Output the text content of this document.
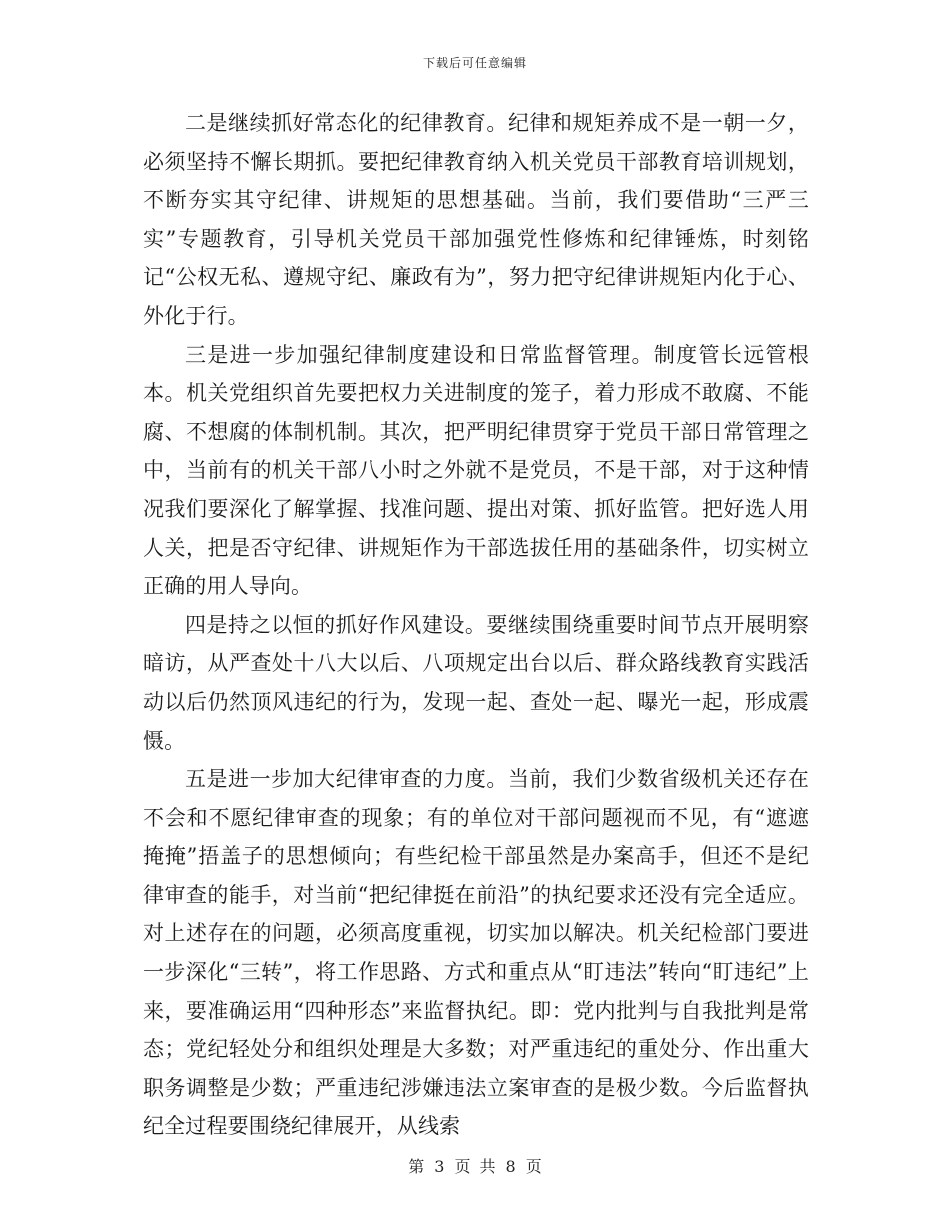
下载后可任意编辑

二是继续抓好常态化的纪律教育。纪律和规矩养成不是一朝一夕，必须坚持不懈长期抓。要把纪律教育纳入机关党员干部教育培训规划，不断夯实其守纪律、讲规矩的思想基础。当前，我们要借助“三严三实”专题教育，引导机关党员干部加强党性修炼和纪律锤炼，时刻铭记“公权无私、遵规守纪、廉政有为”，努力把守纪律讲规矩内化于心、外化于行。

三是进一步加强纪律制度建设和日常监督管理。制度管长远管根本。机关党组织首先要把权力关进制度的笼子，着力形成不敢腐、不能腐、不想腐的体制机制。其次，把严明纪律贯穿于党员干部日常管理之中，当前有的机关干部八小时之外就不是党员，不是干部，对于这种情况我们要深化了解掌握、找准问题、提出对策、抓好监管。把好选人用人关，把是否守纪律、讲规矩作为干部选拔任用的基础条件，切实树立正确的用人导向。

四是持之以恒的抓好作风建设。要继续围绕重要时间节点开展明察暗访，从严查处十八大以后、八项规定出台以后、群众路线教育实践活动以后仍然顶风违纪的行为，发现一起、查处一起、曝光一起，形成震慑。

五是进一步加大纪律审查的力度。当前，我们少数省级机关还存在不会和不愿纪律审查的现象；有的单位对干部问题视而不见，有“遮遮掩掩”捂盖子的思想倾向；有些纪检干部虽然是办案高手，但还不是纪律审查的能手，对当前“把纪律挺在前沿”的执纪要求还没有完全适应。对上述存在的问题，必须高度重视，切实加以解决。机关纪检部门要进一步深化“三转”，将工作思路、方式和重点从“盯违法”转向“盯违纪”上来，要准确运用“四种形态”来监督执纪。即：党内批判与自我批判是常态；党纪轻处分和组织处理是大多数；对严重违纪的重处分、作出重大职务调整是少数；严重违纪涉嫌违法立案审查的是极少数。今后监督执纪全过程要围绕纪律展开，从线索

第 3 页 共 8 页
